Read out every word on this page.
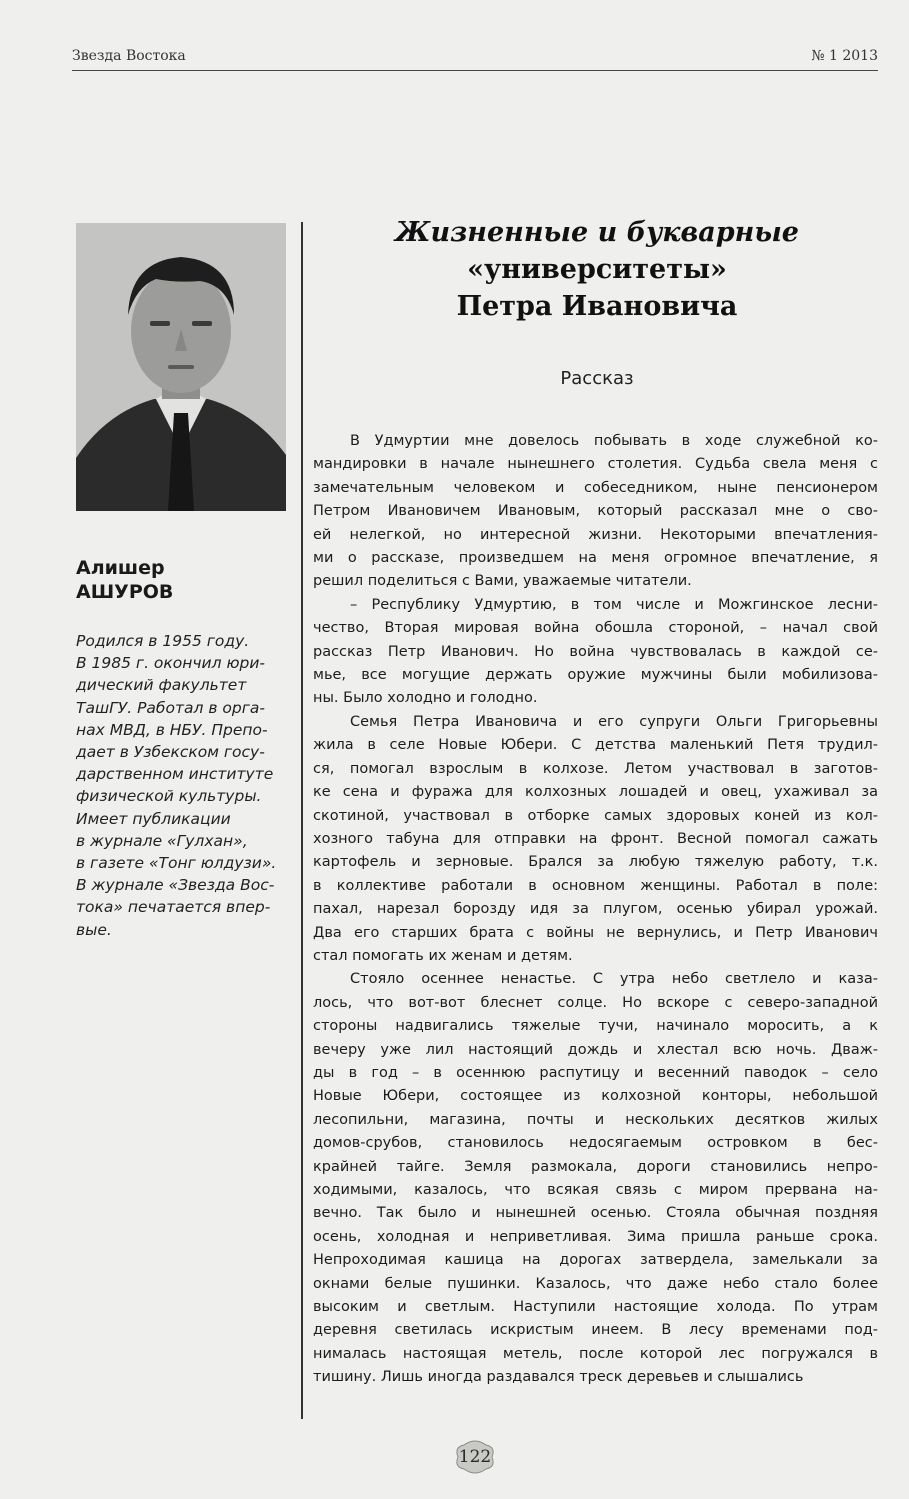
Звезда Востока	№ 1 2013
Алишер
АШУРОВ
Родился в 1955 году.
В 1985 г. окончил юри-
дический факультет
ТашГУ. Работал в орга-
нах МВД, в НБУ. Препо-
дает в Узбекском госу-
дарственном институте
физической культуры.
Имеет публикации
в журнале «Гулхан»,
в газете «Тонг юлдузи».
В журнале «Звезда Вос-
тока» печатается впер-
вые.
Жизненные и букварные
«университеты»
Петра Ивановича
Рассказ

В Удмуртии мне довелось побывать в ходе служебной ко-
мандировки в начале нынешнего столетия. Судьба свела меня с
замечательным человеком и собеседником, ныне пенсионером
Петром Ивановичем Ивановым, который рассказал мне о сво-
ей нелегкой, но интересной жизни. Некоторыми впечатления-
ми о рассказе, произведшем на меня огромное впечатление, я
решил поделиться с Вами, уважаемые читатели.

– Республику Удмуртию, в том числе и Можгинское лесни-
чество, Вторая мировая война обошла стороной, – начал свой
рассказ Петр Иванович. Но война чувствовалась в каждой се-
мье, все могущие держать оружие мужчины были мобилизова-
ны. Было холодно и голодно.

Семья Петра Ивановича и его супруги Ольги Григорьевны
жила в селе Новые Юбери. С детства маленький Петя трудил-
ся, помогал взрослым в колхозе. Летом участвовал в заготов-
ке сена и фуража для колхозных лошадей и овец, ухаживал за
скотиной, участвовал в отборке самых здоровых коней из кол-
хозного табуна для отправки на фронт. Весной помогал сажать
картофель и зерновые. Брался за любую тяжелую работу, т.к.
в коллективе работали в основном женщины. Работал в поле:
пахал, нарезал борозду идя за плугом, осенью убирал урожай.
Два его старших брата с войны не вернулись, и Петр Иванович
стал помогать их женам и детям.

Стояло осеннее ненастье. С утра небо светлело и каза-
лось, что вот-вот блеснет солце. Но вскоре с северо-западной
стороны надвигались тяжелые тучи, начинало моросить, а к
вечеру уже лил настоящий дождь и хлестал всю ночь. Дваж-
ды в год – в осеннюю распутицу и весенний паводок – село
Новые Юбери, состоящее из колхозной конторы, небольшой
лесопильни, магазина, почты и нескольких десятков жилых
домов-срубов, становилось недосягаемым островком в бес-
крайней тайге. Земля размокала, дороги становились непро-
ходимыми, казалось, что всякая связь с миром прервана на-
вечно. Так было и нынешней осенью. Стояла обычная поздняя
осень, холодная и неприветливая. Зима пришла раньше срока.
Непроходимая кашица на дорогах затвердела, замелькали за
окнами белые пушинки. Казалось, что даже небо стало более
высоким и светлым. Наступили настоящие холода. По утрам
деревня светилась искристым инеем. В лесу временами под-
нималась настоящая метель, после которой лес погружался в
тишину. Лишь иногда раздавался треск деревьев и слышались

122
